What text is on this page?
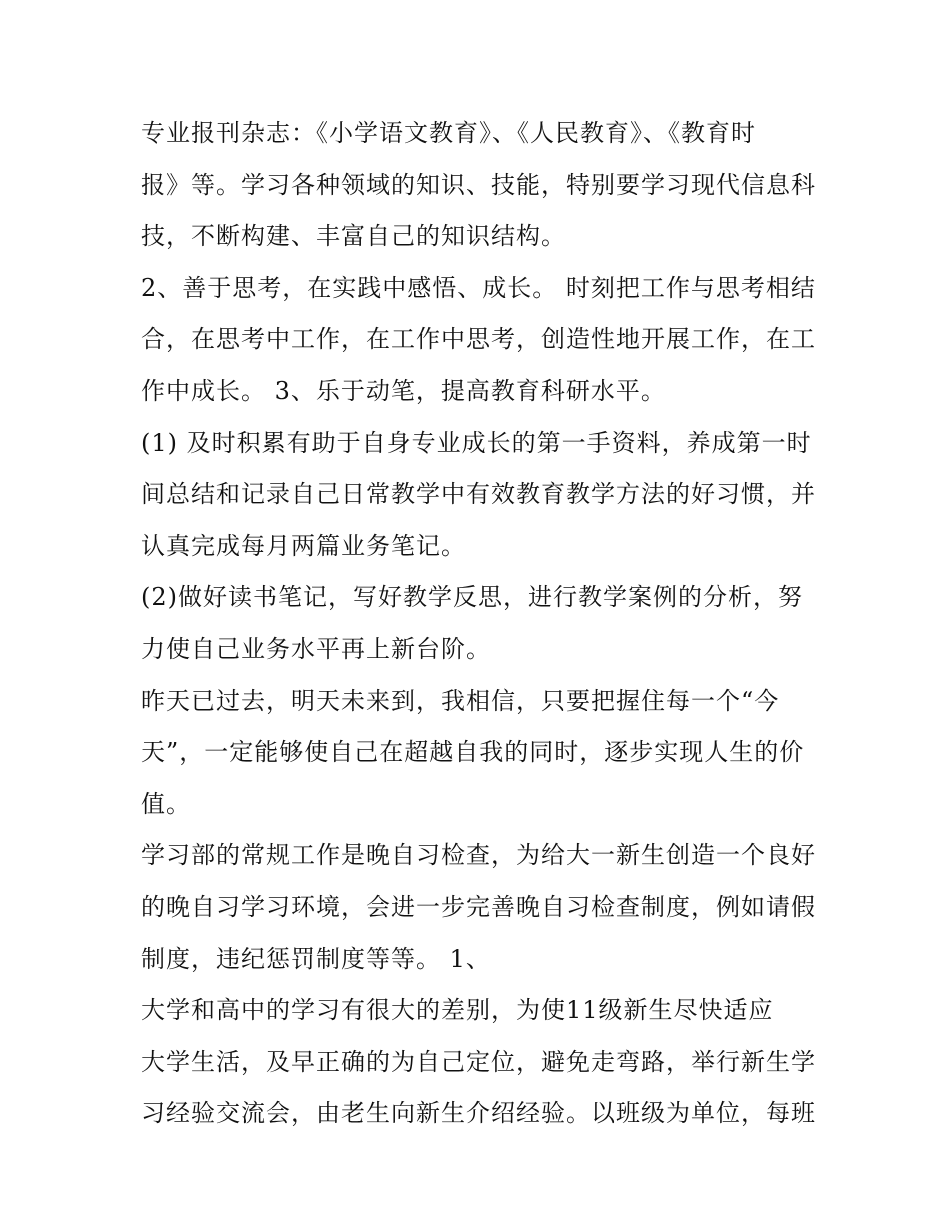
专业报刊杂志：《小学语文教育》、《人民教育》、《教育时
报》等。学习各种领域的知识、技能，特别要学习现代信息科
技，不断构建、丰富自己的知识结构。
2、善于思考，在实践中感悟、成长。 时刻把工作与思考相结
合，在思考中工作，在工作中思考，创造性地开展工作，在工
作中成长。 3、乐于动笔，提高教育科研水平。
(1) 及时积累有助于自身专业成长的第一手资料，养成第一时
间总结和记录自己日常教学中有效教育教学方法的好习惯，并
认真完成每月两篇业务笔记。
(2)做好读书笔记，写好教学反思，进行教学案例的分析，努
力使自己业务水平再上新台阶。
昨天已过去，明天未来到，我相信，只要把握住每一个“今
天”，一定能够使自己在超越自我的同时，逐步实现人生的价
值。
学习部的常规工作是晚自习检查，为给大一新生创造一个良好
的晚自习学习环境，会进一步完善晚自习检查制度，例如请假
制度，违纪惩罚制度等等。 1、
大学和高中的学习有很大的差别，为使11级新生尽快适应
大学生活，及早正确的为自己定位，避免走弯路，举行新生学
习经验交流会，由老生向新生介绍经验。以班级为单位，每班
